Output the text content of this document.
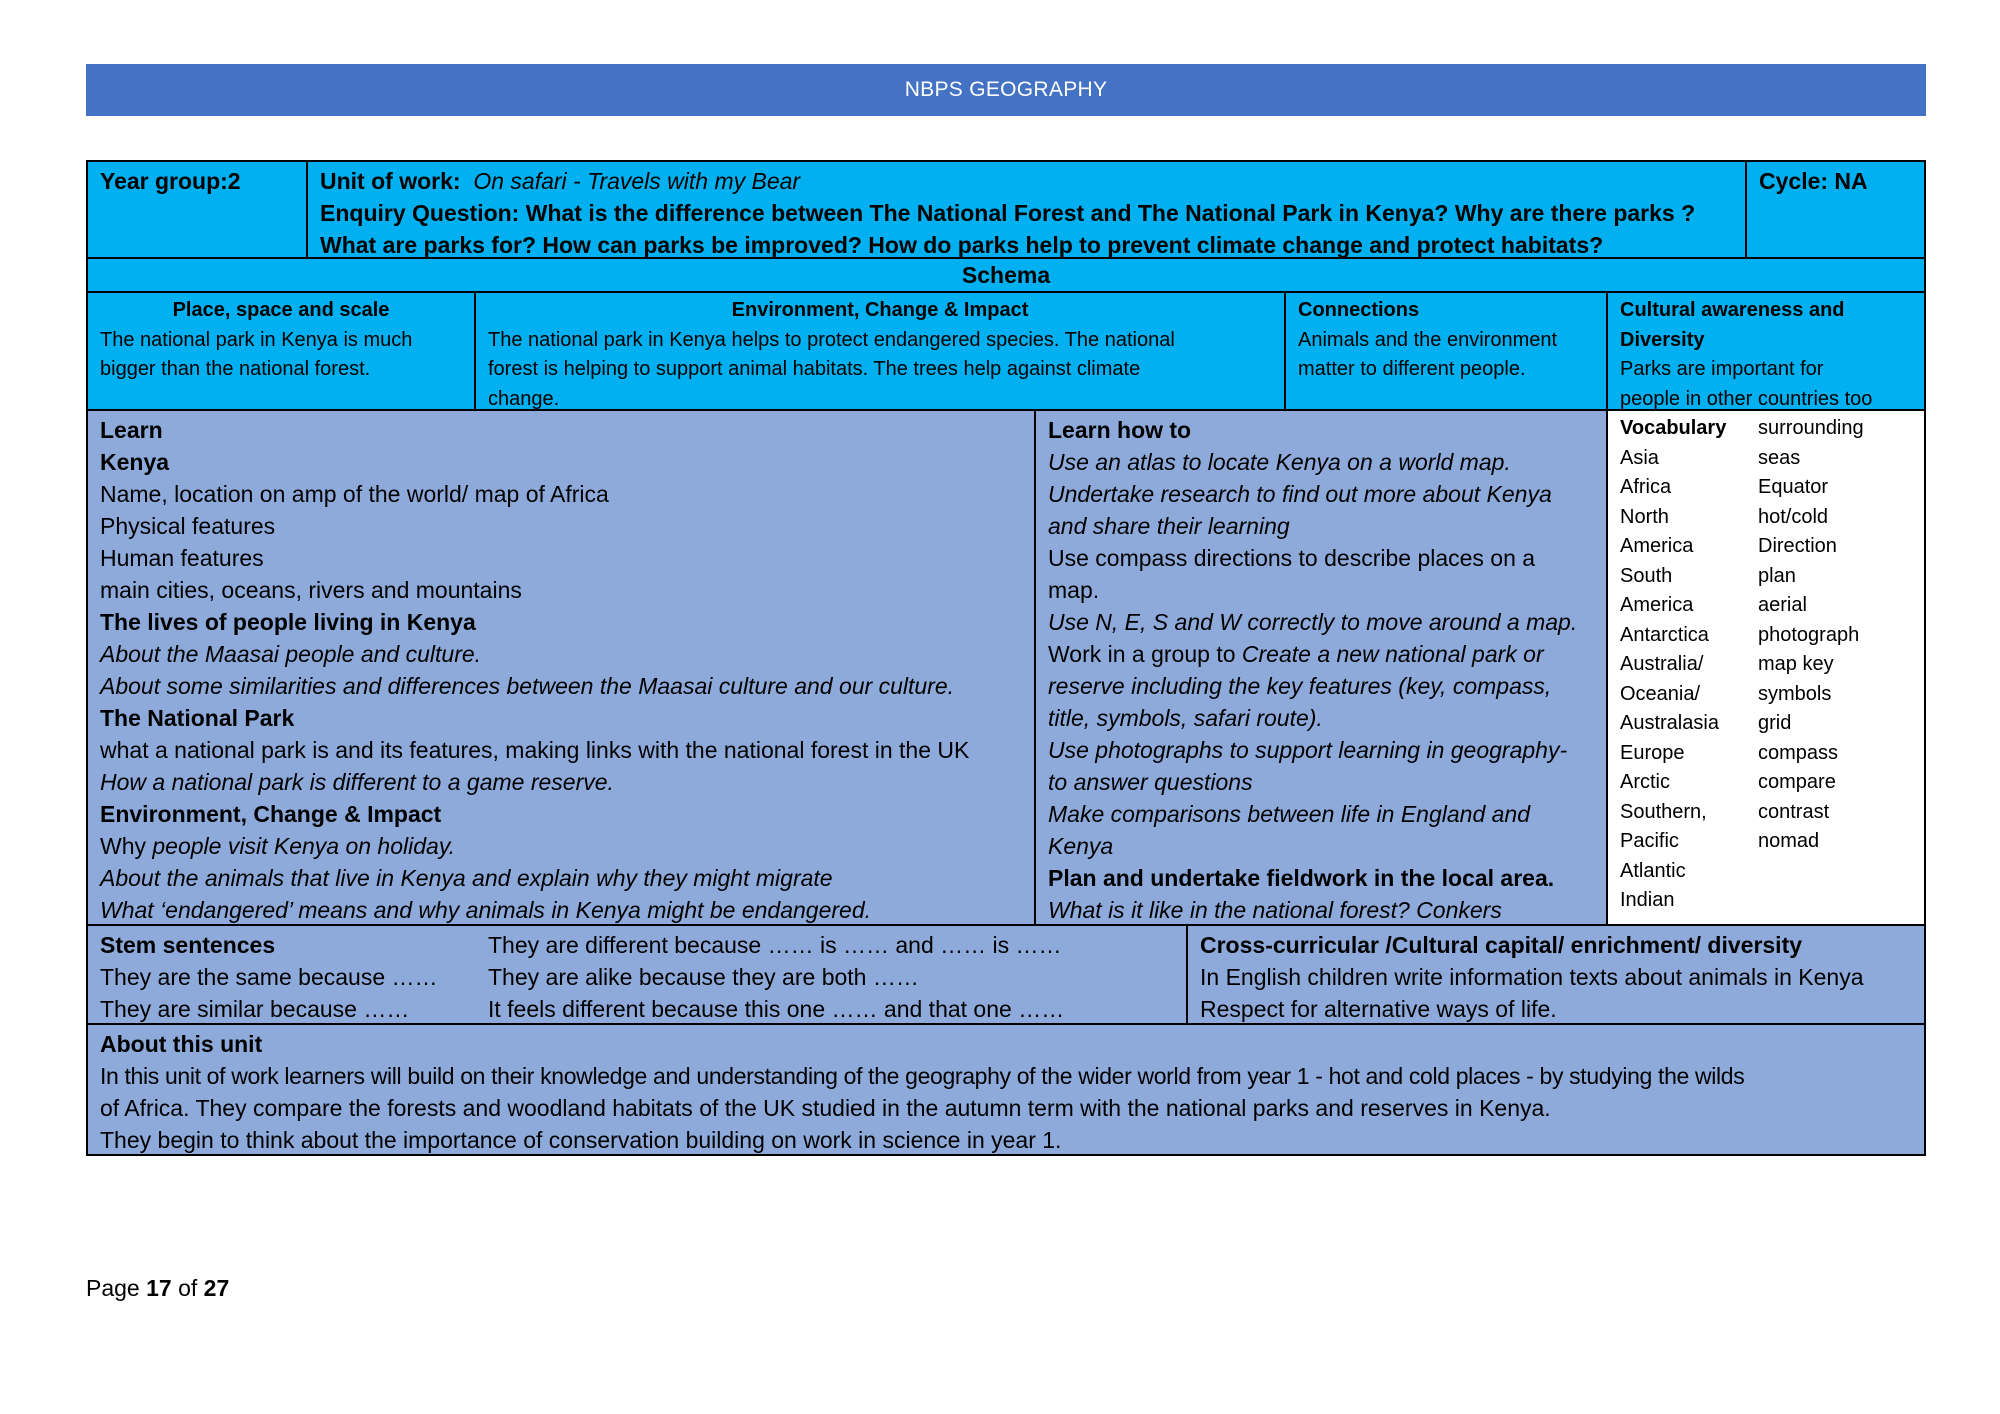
NBPS GEOGRAPHY
Year group:2	Unit of work: On safari - Travels with my Bear
Enquiry Question: What is the difference between The National Forest and The National Park in Kenya? Why are there parks ?
What are parks for? How can parks be improved? How do parks help to prevent climate change and protect habitats?
Cycle: NA
Schema
Place, space and scale
The national park in Kenya is much
bigger than the national forest.
Environment, Change & Impact
The national park in Kenya helps to protect endangered species. The national
forest is helping to support animal habitats. The trees help against climate
change.
Connections
Animals and the environment
matter to different people.
Cultural awareness and
Diversity
Parks are important for
people in other countries too
Learn
Kenya
Name, location on amp of the world/ map of Africa
Physical features
Human features
main cities, oceans, rivers and mountains
The lives of people living in Kenya
About the Maasai people and culture.
About some similarities and differences between the Maasai culture and our culture.
The National Park
what a national park is and its features, making links with the national forest in the UK
How a national park is different to a game reserve.
Environment, Change & Impact
Why people visit Kenya on holiday.
About the animals that live in Kenya and explain why they might migrate
What ‘endangered’ means and why animals in Kenya might be endangered.
Learn how to
Use an atlas to locate Kenya on a world map.
Undertake research to find out more about Kenya
and share their learning
Use compass directions to describe places on a
map.
Use N, E, S and W correctly to move around a map.
Work in a group to Create a new national park or
reserve including the key features (key, compass,
title, symbols, safari route).
Use photographs to support learning in geography-
to answer questions
Make comparisons between life in England and
Kenya
Plan and undertake fieldwork in the local area.
What is it like in the national forest? Conkers
Vocabulary
Asia
Africa
North
America
South
America
Antarctica
Australia/
Oceania/
Australasia
Europe
Arctic
Southern,
Pacific
Atlantic
Indian
surrounding
seas
Equator
hot/cold
Direction
plan
aerial
photograph
map key
symbols
grid
compass
compare
contrast
nomad
Stem sentences
They are the same because ……
They are similar because ……
They are different because …… is …… and …… is ……
They are alike because they are both ……
It feels different because this one …… and that one ……
Cross-curricular /Cultural capital/ enrichment/ diversity
In English children write information texts about animals in Kenya
Respect for alternative ways of life.
About this unit
In this unit of work learners will build on their knowledge and understanding of the geography of the wider world from year 1 - hot and cold places - by studying the wilds
of Africa. They compare the forests and woodland habitats of the UK studied in the autumn term with the national parks and reserves in Kenya.
They begin to think about the importance of conservation building on work in science in year 1.
Page 17 of 27
